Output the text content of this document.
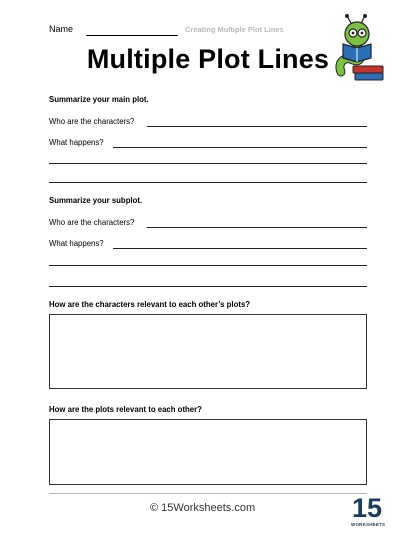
Name	Creating Multiple Plot Lines
Multiple Plot Lines
Summarize your main plot.
Who are the characters?
What happens?
Summarize your subplot.
Who are the characters?
What happens?
How are the characters relevant to each other’s plots?
How are the plots relevant to each other?
© 15Worksheets.com	15
WORKSHEETS
